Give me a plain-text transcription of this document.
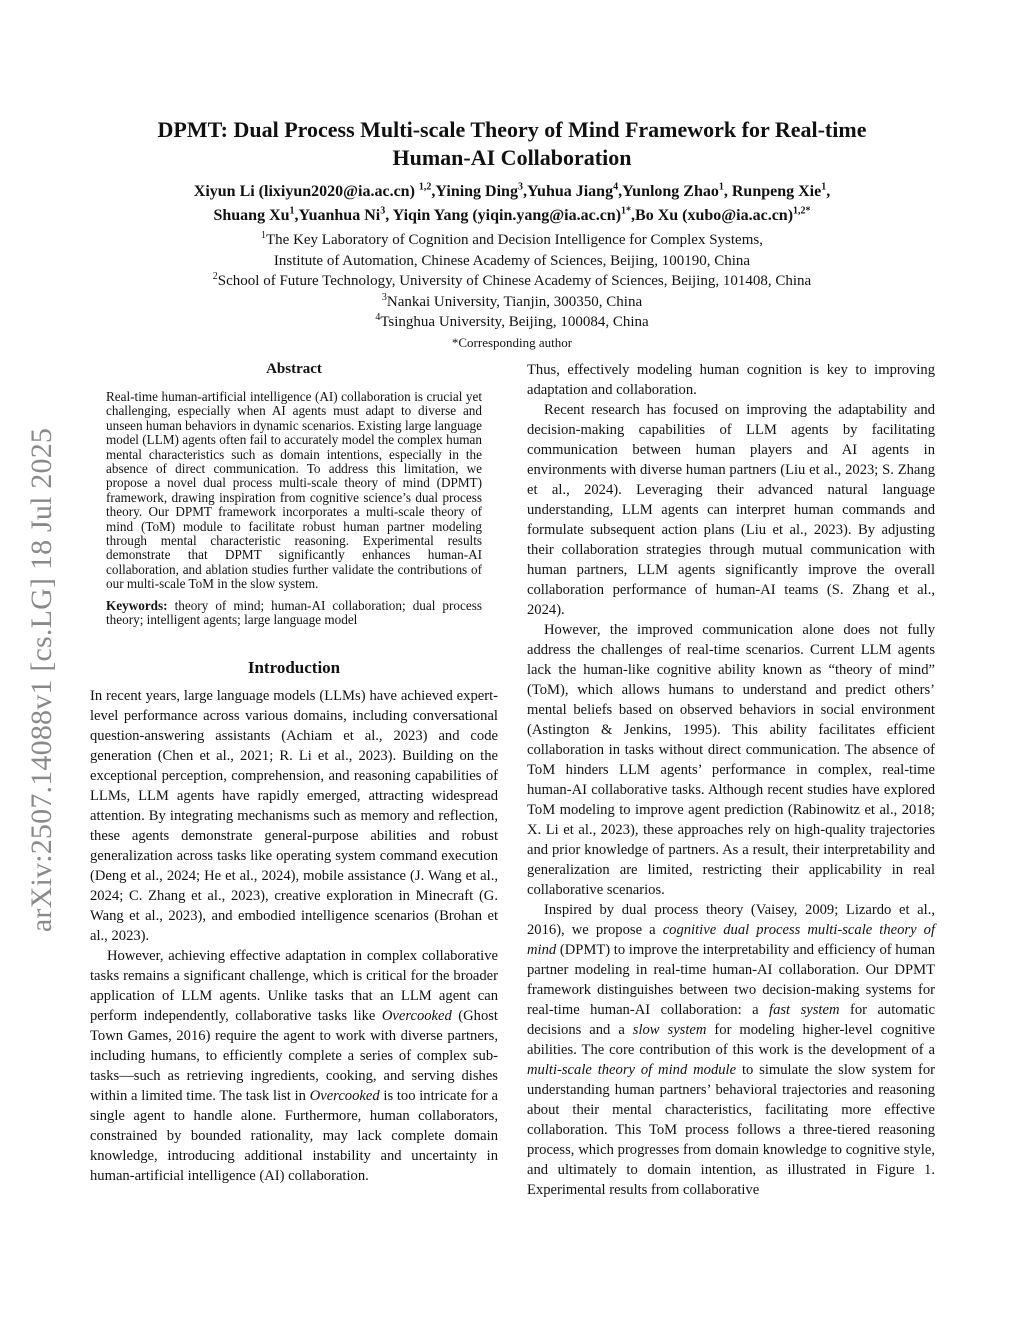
arXiv:2507.14088v1 [cs.LG] 18 Jul 2025
DPMT: Dual Process Multi-scale Theory of Mind Framework for Real-time
Human-AI Collaboration
Xiyun Li (lixiyun2020@ia.ac.cn) $^{1,2}$,Yining Ding$^3$,Yuhua Jiang$^4$,Yunlong Zhao$^1$, Runpeng Xie$^1$,
Shuang Xu$^1$,Yuanhua Ni$^3$, Yiqin Yang (yiqin.yang@ia.ac.cn)$^{1*}$,Bo Xu (xubo@ia.ac.cn)$^{1,2*}$
$^1$The Key Laboratory of Cognition and Decision Intelligence for Complex Systems,
Institute of Automation, Chinese Academy of Sciences, Beijing, 100190, China
$^2$School of Future Technology, University of Chinese Academy of Sciences, Beijing, 101408, China
$^3$Nankai University, Tianjin, 300350, China
$^4$Tsinghua University, Beijing, 100084, China
*Corresponding author
Abstract

Real-time human-artificial intelligence (AI) collaboration is crucial yet challenging, especially when AI agents must adapt to diverse and unseen human behaviors in dynamic scenarios. Existing large language model (LLM) agents often fail to accurately model the complex human mental characteristics such as domain intentions, especially in the absence of direct communication. To address this limitation, we propose a novel dual process multi-scale theory of mind (DPMT) framework, drawing inspiration from cognitive science’s dual process theory. Our DPMT framework incorporates a multi-scale theory of mind (ToM) module to facilitate robust human partner modeling through mental characteristic reasoning. Experimental results demonstrate that DPMT significantly enhances human-AI collaboration, and ablation studies further validate the contributions of our multi-scale ToM in the slow system.

Keywords: theory of mind; human-AI collaboration; dual process theory; intelligent agents; large language model
Introduction

In recent years, large language models (LLMs) have achieved expert-level performance across various domains, including conversational question-answering assistants (Achiam et al., 2023) and code generation (Chen et al., 2021; R. Li et al., 2023). Building on the exceptional perception, comprehension, and reasoning capabilities of LLMs, LLM agents have rapidly emerged, attracting widespread attention. By integrating mechanisms such as memory and reflection, these agents demonstrate general-purpose abilities and robust generalization across tasks like operating system command execution (Deng et al., 2024; He et al., 2024), mobile assistance (J. Wang et al., 2024; C. Zhang et al., 2023), creative exploration in Minecraft (G. Wang et al., 2023), and embodied intelligence scenarios (Brohan et al., 2023).

However, achieving effective adaptation in complex collaborative tasks remains a significant challenge, which is critical for the broader application of LLM agents. Unlike tasks that an LLM agent can perform independently, collaborative tasks like Overcooked (Ghost Town Games, 2016) require the agent to work with diverse partners, including humans, to efficiently complete a series of complex sub-tasks—such as retrieving ingredients, cooking, and serving dishes within a limited time. The task list in Overcooked is too intricate for a single agent to handle alone. Furthermore, human collaborators, constrained by bounded rationality, may lack complete domain knowledge, introducing additional instability and uncertainty in human-artificial intelligence (AI) collaboration.

Thus, effectively modeling human cognition is key to improving adaptation and collaboration.

Recent research has focused on improving the adaptability and decision-making capabilities of LLM agents by facilitating communication between human players and AI agents in environments with diverse human partners (Liu et al., 2023; S. Zhang et al., 2024). Leveraging their advanced natural language understanding, LLM agents can interpret human commands and formulate subsequent action plans (Liu et al., 2023). By adjusting their collaboration strategies through mutual communication with human partners, LLM agents significantly improve the overall collaboration performance of human-AI teams (S. Zhang et al., 2024).

However, the improved communication alone does not fully address the challenges of real-time scenarios. Current LLM agents lack the human-like cognitive ability known as “theory of mind” (ToM), which allows humans to understand and predict others’ mental beliefs based on observed behaviors in social environment (Astington & Jenkins, 1995). This ability facilitates efficient collaboration in tasks without direct communication. The absence of ToM hinders LLM agents’ performance in complex, real-time human-AI collaborative tasks. Although recent studies have explored ToM modeling to improve agent prediction (Rabinowitz et al., 2018; X. Li et al., 2023), these approaches rely on high-quality trajectories and prior knowledge of partners. As a result, their interpretability and generalization are limited, restricting their applicability in real collaborative scenarios.

Inspired by dual process theory (Vaisey, 2009; Lizardo et al., 2016), we propose a cognitive dual process multi-scale theory of mind (DPMT) to improve the interpretability and efficiency of human partner modeling in real-time human-AI collaboration. Our DPMT framework distinguishes between two decision-making systems for real-time human-AI collaboration: a fast system for automatic decisions and a slow system for modeling higher-level cognitive abilities. The core contribution of this work is the development of a multi-scale theory of mind module to simulate the slow system for understanding human partners’ behavioral trajectories and reasoning about their mental characteristics, facilitating more effective collaboration. This ToM process follows a three-tiered reasoning process, which progresses from domain knowledge to cognitive style, and ultimately to domain intention, as illustrated in Figure 1. Experimental results from collaborative
